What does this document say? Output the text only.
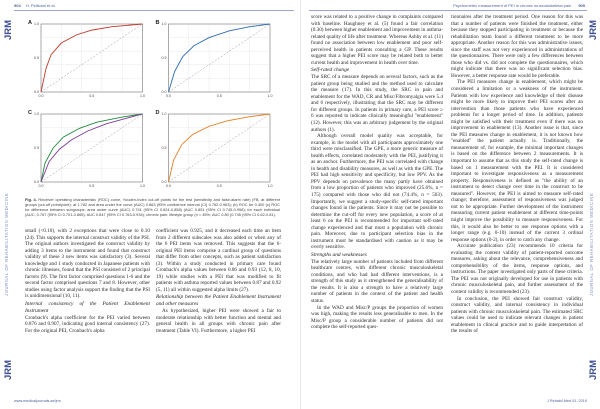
904 H. Pellicani et al.
JRM
JOURNAL OF REHABILITATION MEDICINE
JRM
0.0
0.0
0.5
0.5
1.0
1.0
A
0.0
0.0
0.5
0.5
1.0
1.0
B
0.0
0.0
0.5
0.5
1.0
1.0
C
0.0
0.0
0.5
0.5
1.0
1.0
D
Fig. 4. Receiver operating characteristic (ROC) curve, Youden-Index cut-off points for the test (sensitivity and false-alarm rate) (FB, at different groups (cut-off point/point): at 1.782 and area under the curve (AUC) 0.863 (95% confidence interval (CI) 0.762-0.963); (b) ROC for 0.400 (c) ROC for difference between subgroups: area under curve (AUC) 0.741 (95% CI 0.624-0.858) (AUC 0.851 (95% CI 0.745-0.958); for each individual (AUC, 0.767 (95% CI 0.701-0.865). AUC 0.847 (95% CI 0.763-0.934); chronic pain: lifestyle group (n = 45%; AUC 0.80 (0.745 (95% CI 0.62-0.81).

small (<0.10), with 2 exceptions that were close to 0.10 (24). This supports the internal construct validity of the PSI. The original authors investigated the construct validity by adding 3 items to the instrument and found that construct validity of these 3 new items was satisfactory (3). Several knowledge and 1 study conducted in Japanese patients with chronic illnesses, found that the PSI consisted of 2 principal factors (9). The first factor comprised questions 1-6 and the second factor comprised questions 7 and 8. However, other studies using factor analysis support the finding that the PSI is unidimensional (10, 11).

Internal consistency of the Patient Enablement Instrument

Cronbach's alpha coefficient for the PEI varied between 0.876 and 0.907, indicating good internal consistency (27). For the original PEI, Cronbach's alpha

coefficient was 0.925, and it decreased each time an item from 2 different subscales was also added or when any of the 6 PEI items was removed. This suggests that the 6-original PEI items comprise a cardinal group of questions that differ from other concepts, such as patient satisfaction (3). Within a study conducted in primary care found Cronbach's alpha values between 0.86 and 0.93 (12, 8, 10, 19) while studies with a PEI that was modified to fit patients with asthma reported values between 0.87 and 0.92 (5, 11) all within suggested alpha limits (27).

Relationship between the Patient Enablement Instrument and other measures

As hypothesized, higher PEI were showed a fair to moderate relationship with better function and mental and general health in all groups with chronic pain after treatment (Table VI). Furthermore, a higher PEI

www.medicaljournals.se/jrm
Psychometric measurement of PEI in chronic musculoskeletal pain 905
JRM
JOURNAL OF REHABILITATION MEDICINE
JRM

score was related to a positive change in complaints compared with baseline. Haughney et al. (5) found a fair correlation (0.30) between higher enablement and improvement in asthma-related quality of life after treatment. Whereas Ashby et al. (11) found no association between low enablement and poor self-perceived health in patients consulting a GP. These results suggest that a higher PEI score may be related both to better current health and improvement in health over time.

Self-rated change

The SRC of a measure depends on several factors, such as the patient group being studied and the method used to calculate the measure (17). In this study, the SRC in pain and enablement for the WAD, CR and Misc/Fibromyalgia were 5.4 and 6 respectively, illustrating that the SRC may be different for different groups. In patients in primary care, a PEI score ≥ 6 was reported to indicate clinically meaningful "enablement" (12). However, this was an arbitrary judgement by the original authors (1).

Although overall model quality was acceptable, for example, in the model with all participants approximately one third were misclassified. The GPE, a more generic measure of health effects, correlated moderately with the PEI, justifying it as an anchor. Furthermore, the PEI was correlated with change in health and disability measures, as well as with the GPE. The PEI had high sensitivity and specificity, but low PPV. As the PPV depends on prevalence the many partly have obtained from a low proportion of patients who improved (25.6%, n = 175) compared with those who did not (74.4%, n = 503). Importantly, we suggest a study-specific self-rated important changes found in the patients. Since it may not be possible to determine the cut-off for every new population, a score of at least 6 on the PEI is recommended for important self-rated change experienced and that most a population with chronic pain. Moreover, due to participant selection bias in the instrument must be standardised with caution as it may be overly sensitive.

Strengths and weaknesses

The relatively large number of patients included from different healthcare centres, with different chronic musculoskeletal conditions, and who had had different interventions, is a strength of this study as it strengthened the generalisability of the results. It is also a strength to have a relatively large number of patients in the context of the patient and health status.

In the WAD and Misc/P groups the proportion of women was high, making the results less generalisable to men. In the Misc/P group a considerable number of patients did not complete the self-reported ques-

tionnaires after the treatment period. One reason for this was that a number of patients were finished the treatment, either because they stopped participating in treatment or because the rehabilitation team found a different treatment to be more appropriate. Another reason for this was administrative issues, since the staff was not very experienced in administrations of the questionnaires. There were only a few differences between those who did vs. did not complete the questionnaires, which might indicate that there was no significant selection bias. However, a better response rate would be preferable.

The PEI measures change in enablement, which might be considered a limitation or a weakness of the instrument. Patients with low experience and knowledge of their disease might be more likely to improve their PEI scores after an intervention than those patients who have experienced problems for a longer period of time. In addition, patients might be satisfied with their treatment even if there was no improvement in enablement (13). Another issue is that, since the PEI measures change in enablement, it is not known how "enabled" the patient actually is. Traditionally, the measurement of, for example, the minimal important changes is based on the difference between 2 measurements. It is important to assume that as this study the self-rated change is based on 1 measurement with the PEI. It is considered important to investigate responsiveness as a measurement property. Responsiveness is defined as "the ability of an instrument to detect change over time in the construct to be measured". However, the PEI is aimed to measure self-rated change; therefore, assessment of responsiveness was judged not to be appropriate. Further development of the instrument measuring current patient enablement at different time-points might improve the possibility to measure responsiveness. For this, it would also be better to use response options with a longer range (e.g. 0-10) instead of the current 3 ordinal response options (0-2), in order to catch any change.

Accurate publication (23) recommends 10 criteria for evaluating the content validity of patient-reported outcome measures, asking about the relevance, comprehensiveness and comprehensibility of the items, response options, and instructions. The paper investigated only parts of these criteria. The PEI was not originally developed for use in patients with chronic musculoskeletal pain, and further assessment of the content validity is recommended (23).

In conclusion, the PEI showed fair construct validity, construct validity, and internal consistency in individual patients with chronic musculoskeletal pain. The estimated SRC values could be used to indicate relevant changes in patient enablement in clinical practice and to guide interpretation of the results of

J Rehabil Med 51, 2019
